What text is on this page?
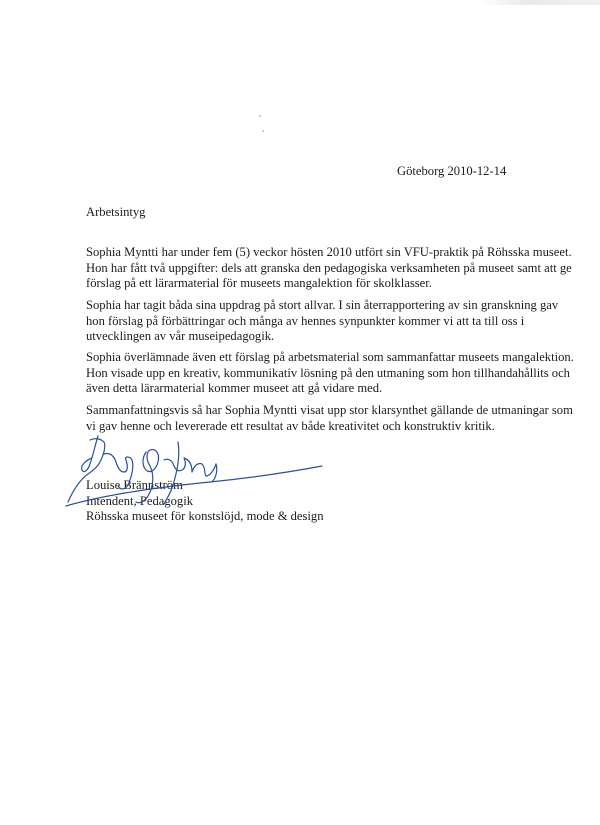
Göteborg 2010-12-14
Arbetsintyg
Sophia Myntti har under fem (5) veckor hösten 2010 utfört sin VFU-praktik på Röhsska museet.
Hon har fått två uppgifter: dels att granska den pedagogiska verksamheten på museet samt att ge
förslag på ett lärarmaterial för museets mangalektion för skolklasser.
Sophia har tagit båda sina uppdrag på stort allvar. I sin återrapportering av sin granskning gav
hon förslag på förbättringar och många av hennes synpunkter kommer vi att ta till oss i
utvecklingen av vår museipedagogik.
Sophia överlämnade även ett förslag på arbetsmaterial som sammanfattar museets mangalektion.
Hon visade upp en kreativ, kommunikativ lösning på den utmaning som hon tillhandahållits och
även detta lärarmaterial kommer museet att gå vidare med.
Sammanfattningsvis så har Sophia Myntti visat upp stor klarsynthet gällande de utmaningar som
vi gav henne och levererade ett resultat av både kreativitet och konstruktiv kritik.
Louise Brännström
Intendent, Pedagogik
Röhsska museet för konstslöjd, mode & design
